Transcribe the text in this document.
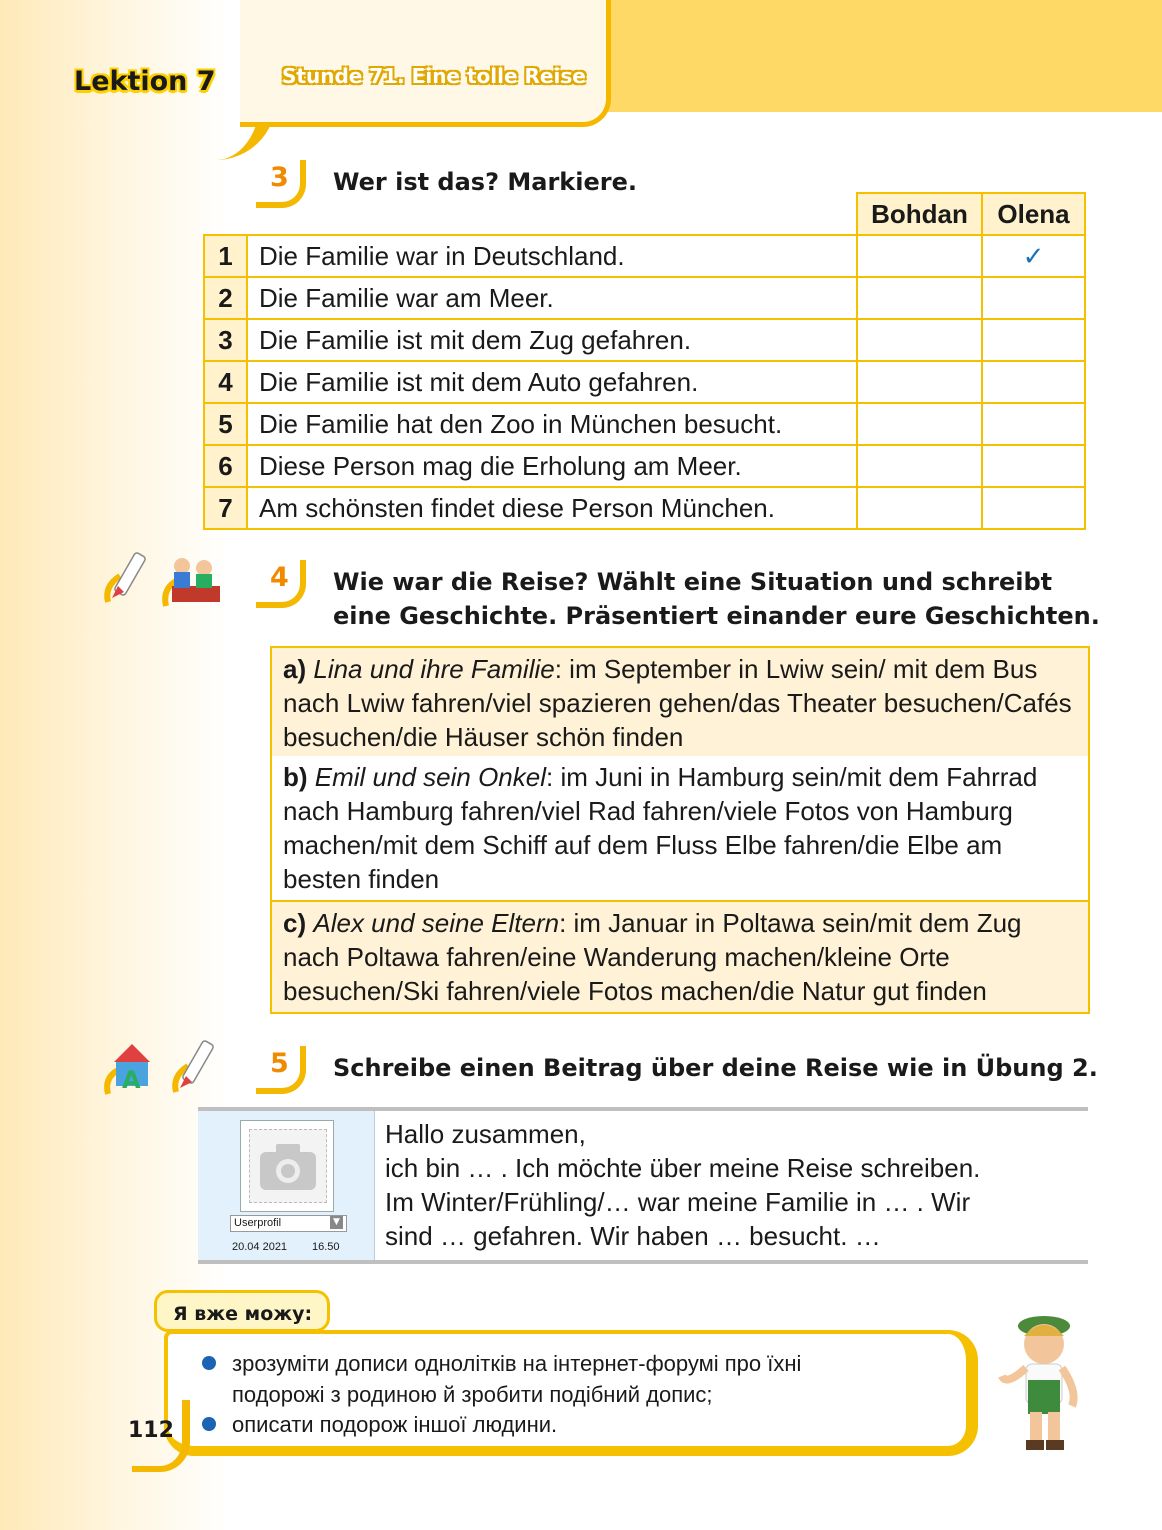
Lektion 7	Stunde 71. Eine tolle Reise
3 Wer ist das? Markiere.
		Bohdan	Olena
1	Die Familie war in Deutschland.		✓
2	Die Familie war am Meer.		
3	Die Familie ist mit dem Zug gefahren.		
4	Die Familie ist mit dem Auto gefahren.		
5	Die Familie hat den Zoo in München besucht.		
6	Diese Person mag die Erholung am Meer.		
7	Am schönsten findet diese Person München.		
4 Wie war die Reise? Wählt eine Situation und schreibt
eine Geschichte. Präsentiert einander eure Geschichten.
a) Lina und ihre Familie: im September in Lwiw sein/ mit dem Bus nach Lwiw fahren/viel spazieren gehen/das Theater besuchen/Cafés besuchen/die Häuser schön finden
b) Emil und sein Onkel: im Juni in Hamburg sein/mit dem Fahrrad nach Hamburg fahren/viel Rad fahren/viele Fotos von Hamburg machen/mit dem Schiff auf dem Fluss Elbe fahren/die Elbe am besten finden
c) Alex und seine Eltern: im Januar in Poltawa sein/mit dem Zug nach Poltawa fahren/eine Wanderung machen/kleine Orte besuchen/Ski fahren/viele Fotos machen/die Natur gut finden
A
5 Schreibe einen Beitrag über deine Reise wie in Übung 2.
Userprofil	▼
20.04 2021 16.50
Hallo zusammen,
ich bin … . Ich möchte über meine Reise schreiben.
Im Winter/Frühling/… war meine Familie in … . Wir
sind … gefahren. Wir haben … besucht. …
Я вже можу:
зрозуміти дописи однолітків на інтернет-форумі про їхні
подорожі з родиною й зробити подібний допис;
описати подорож іншої людини.
112
